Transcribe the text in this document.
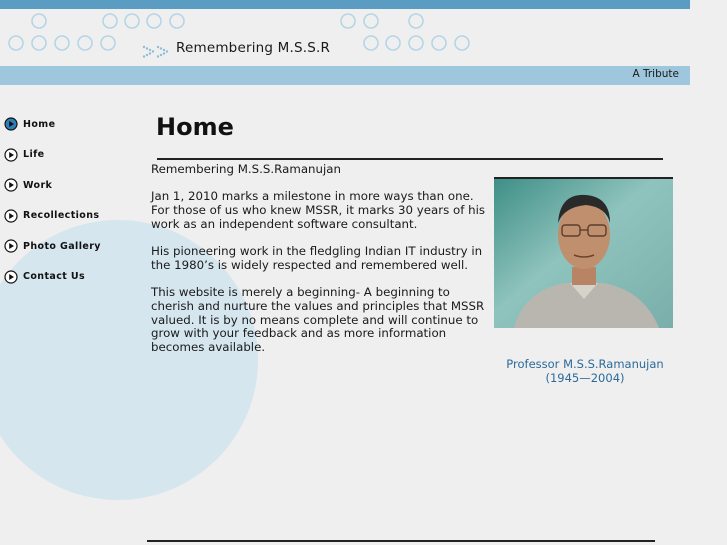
Remembering M.S.S.R
A Tribute
Home
Life
Work
Recollections
Photo Gallery
Contact Us
Home

Remembering M.S.S.Ramanujan

Jan 1, 2010 marks a milestone in more ways than one. For those of us who knew MSSR, it marks 30 years of his work as an independent software consultant.

His pioneering work in the fledgling Indian IT industry in the 1980’s is widely respected and remembered well.

This website is merely a beginning- A beginning to cherish and nurture the values and principles that MSSR valued. It is by no means complete and will continue to grow with your feedback and as more information becomes available.

Professor M.S.S.Ramanujan
(1945—2004)
